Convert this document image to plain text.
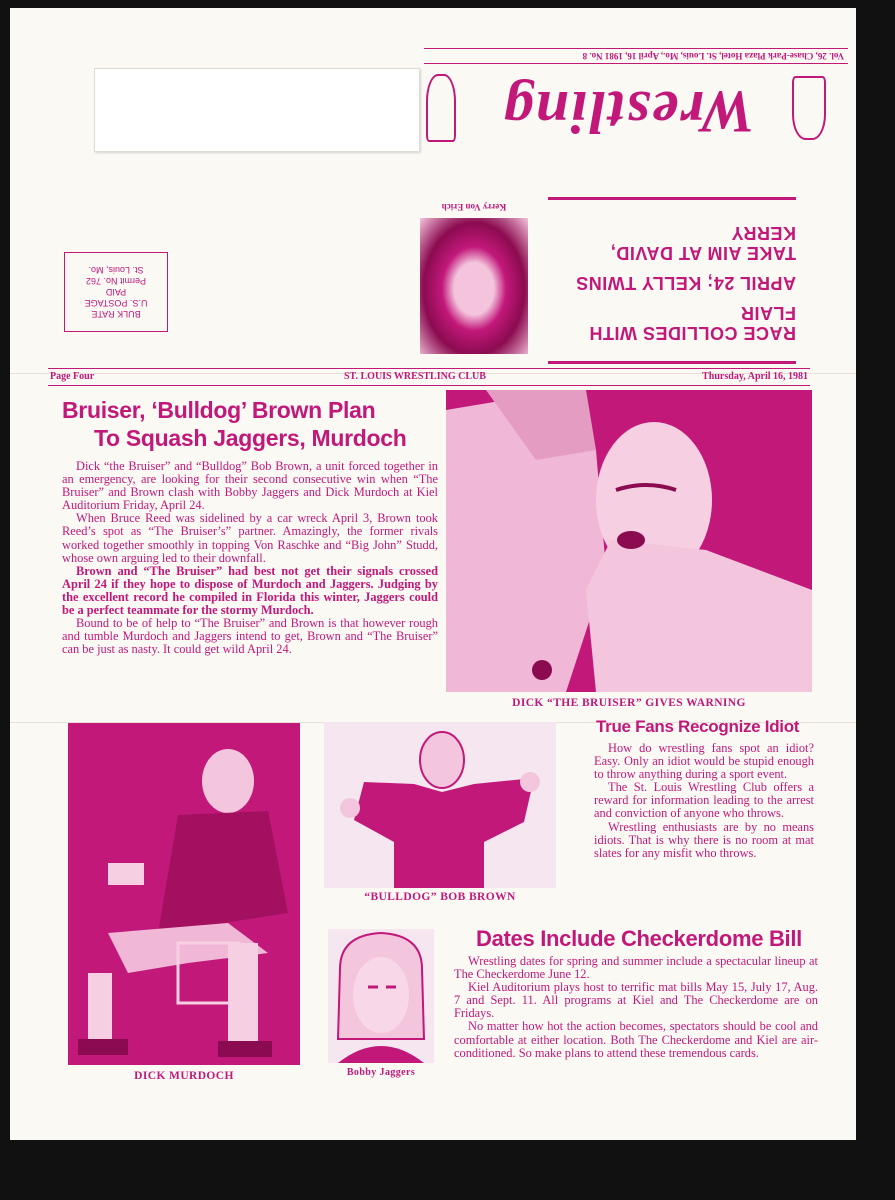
Vol. 26, Chase-Park Plaza Hotel, St. Louis, Mo., April 16, 1981 No. 8
Wrestling
RACE COLLIDES WITH FLAIR
APRIL 24; KELLY TWINS
TAKE AIM AT DAVID, KERRY
Kerry Von Erich
BULK RATE
U.S. POSTAGE
PAID
Permit No. 762
St. Louis, Mo.
Page Four	ST. LOUIS WRESTLING CLUB	Thursday, April 16, 1981
Bruiser, ‘Bulldog’ Brown Plan
To Squash Jaggers, Murdoch

Dick “the Bruiser” and “Bulldog” Bob Brown, a unit forced together in an emergency, are looking for their second consecutive win when “The Bruiser” and Brown clash with Bobby Jaggers and Dick Murdoch at Kiel Auditorium Friday, April 24.

When Bruce Reed was sidelined by a car wreck April 3, Brown took Reed’s spot as “The Bruiser’s” partner. Amazingly, the former rivals worked together smoothly in topping Von Raschke and “Big John” Studd, whose own arguing led to their downfall.

Brown and “The Bruiser” had best not get their signals crossed April 24 if they hope to dispose of Murdoch and Jaggers. Judging by the excellent record he compiled in Florida this winter, Jaggers could be a perfect teammate for the stormy Murdoch.

Bound to be of help to “The Bruiser” and Brown is that however rough and tumble Murdoch and Jaggers intend to get, Brown and “The Bruiser” can be just as nasty. It could get wild April 24.

DICK “THE BRUISER” GIVES WARNING
DICK MURDOCH
“BULLDOG” BOB BROWN
Bobby Jaggers
True Fans Recognize Idiot

How do wrestling fans spot an idiot? Easy. Only an idiot would be stupid enough to throw anything during a sport event.

The St. Louis Wrestling Club offers a reward for information leading to the arrest and conviction of anyone who throws.

Wrestling enthusiasts are by no means idiots. That is why there is no room at mat slates for any misfit who throws.

Dates Include Checkerdome Bill

Wrestling dates for spring and summer include a spectacular lineup at The Checkerdome June 12.

Kiel Auditorium plays host to terrific mat bills May 15, July 17, Aug. 7 and Sept. 11. All programs at Kiel and The Checkerdome are on Fridays.

No matter how hot the action becomes, spectators should be cool and comfortable at either location. Both The Checkerdome and Kiel are air-conditioned. So make plans to attend these tremendous cards.
